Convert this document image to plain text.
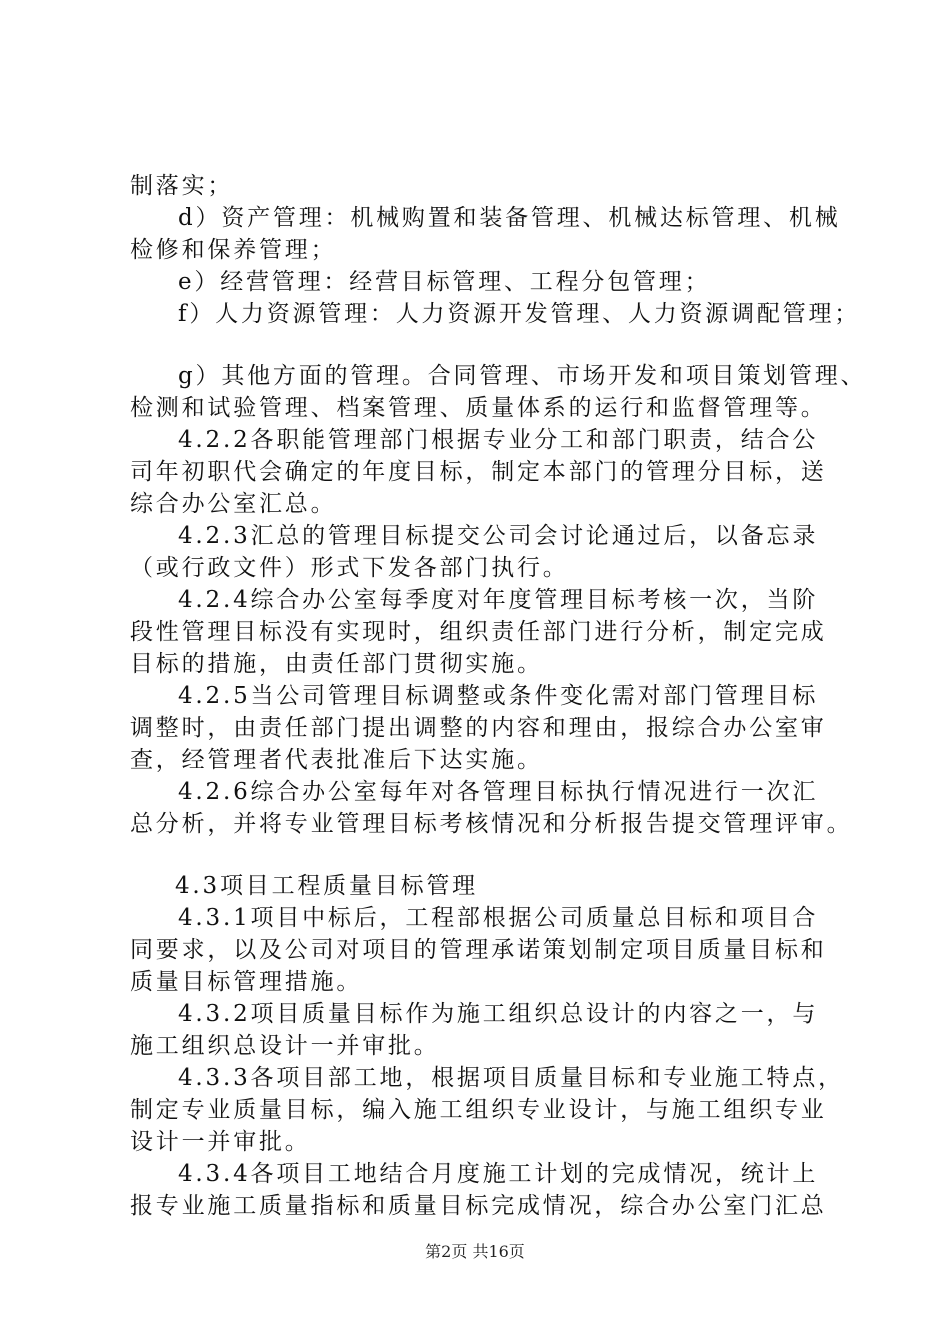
制落实；
d）资产管理：机械购置和装备管理、机械达标管理、机械
检修和保养管理；
e）经营管理：经营目标管理、工程分包管理；
f）人力资源管理：人力资源开发管理、人力资源调配管理；
g）其他方面的管理。合同管理、市场开发和项目策划管理、
检测和试验管理、档案管理、质量体系的运行和监督管理等。
4.2.2各职能管理部门根据专业分工和部门职责，结合公
司年初职代会确定的年度目标，制定本部门的管理分目标，送
综合办公室汇总。
4.2.3汇总的管理目标提交公司会讨论通过后，以备忘录
（或行政文件）形式下发各部门执行。
4.2.4综合办公室每季度对年度管理目标考核一次，当阶
段性管理目标没有实现时，组织责任部门进行分析，制定完成
目标的措施，由责任部门贯彻实施。
4.2.5当公司管理目标调整或条件变化需对部门管理目标
调整时，由责任部门提出调整的内容和理由，报综合办公室审
查，经管理者代表批准后下达实施。
4.2.6综合办公室每年对各管理目标执行情况进行一次汇
总分析，并将专业管理目标考核情况和分析报告提交管理评审。
4.3项目工程质量目标管理
4.3.1项目中标后，工程部根据公司质量总目标和项目合
同要求，以及公司对项目的管理承诺策划制定项目质量目标和
质量目标管理措施。
4.3.2项目质量目标作为施工组织总设计的内容之一，与
施工组织总设计一并审批。
4.3.3各项目部工地，根据项目质量目标和专业施工特点，
制定专业质量目标，编入施工组织专业设计，与施工组织专业
设计一并审批。
4.3.4各项目工地结合月度施工计划的完成情况，统计上
报专业施工质量指标和质量目标完成情况，综合办公室门汇总
第2页 共16页
